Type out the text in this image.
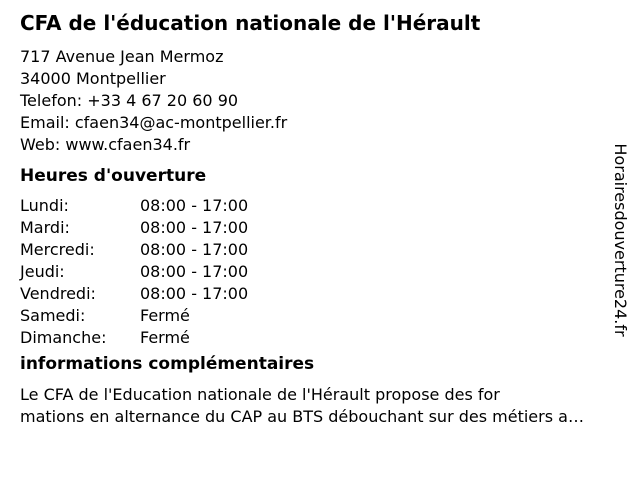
CFA de l'éducation nationale de l'Hérault
717 Avenue Jean Mermoz
34000 Montpellier
Telefon: +33 4 67 20 60 90
Email: cfaen34@ac-montpellier.fr
Web: www.cfaen34.fr
Heures d'ouverture
Lundi:	08:00 - 17:00
Mardi:	08:00 - 17:00
Mercredi:	08:00 - 17:00
Jeudi:	08:00 - 17:00
Vendredi:	08:00 - 17:00
Samedi:	Fermé
Dimanche: Fermé
informations complémentaires
Le CFA de l'Education nationale de l'Hérault propose des for
mations en alternance du CAP au BTS débouchant sur des métiers a…
Horairesdouverture24.fr
